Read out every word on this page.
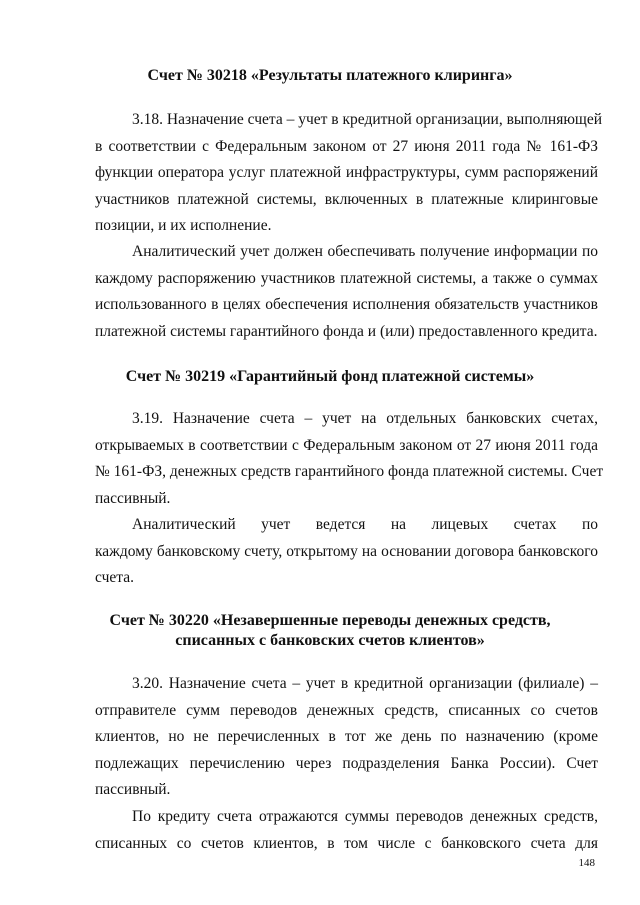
Счет № 30218 «Результаты платежного клиринга»
3.18. Назначение счета – учет в кредитной организации, выполняющей
в соответствии с Федеральным законом от 27 июня 2011 года № 161-ФЗ
функции оператора услуг платежной инфраструктуры, сумм распоряжений
участников платежной системы, включенных в платежные клиринговые
позиции, и их исполнение.
Аналитический учет должен обеспечивать получение информации по
каждому распоряжению участников платежной системы, а также о суммах
использованного в целях обеспечения исполнения обязательств участников
платежной системы гарантийного фонда и (или) предоставленного кредита.
Счет № 30219 «Гарантийный фонд платежной системы»
3.19. Назначение счета – учет на отдельных банковских счетах,
открываемых в соответствии с Федеральным законом от 27 июня 2011 года
№ 161-ФЗ, денежных средств гарантийного фонда платежной системы. Счет
пассивный.
Аналитический учет ведется на лицевых счетах по
каждому банковскому счету, открытому на основании договора банковского
счета.
Счет № 30220 «Незавершенные переводы денежных средств,
списанных с банковских счетов клиентов»
3.20. Назначение счета – учет в кредитной организации (филиале) –
отправителе сумм переводов денежных средств, списанных со счетов
клиентов, но не перечисленных в тот же день по назначению (кроме
подлежащих перечислению через подразделения Банка России). Счет
пассивный.
По кредиту счета отражаются суммы переводов денежных средств,
списанных со счетов клиентов, в том числе с банковского счета для
148
